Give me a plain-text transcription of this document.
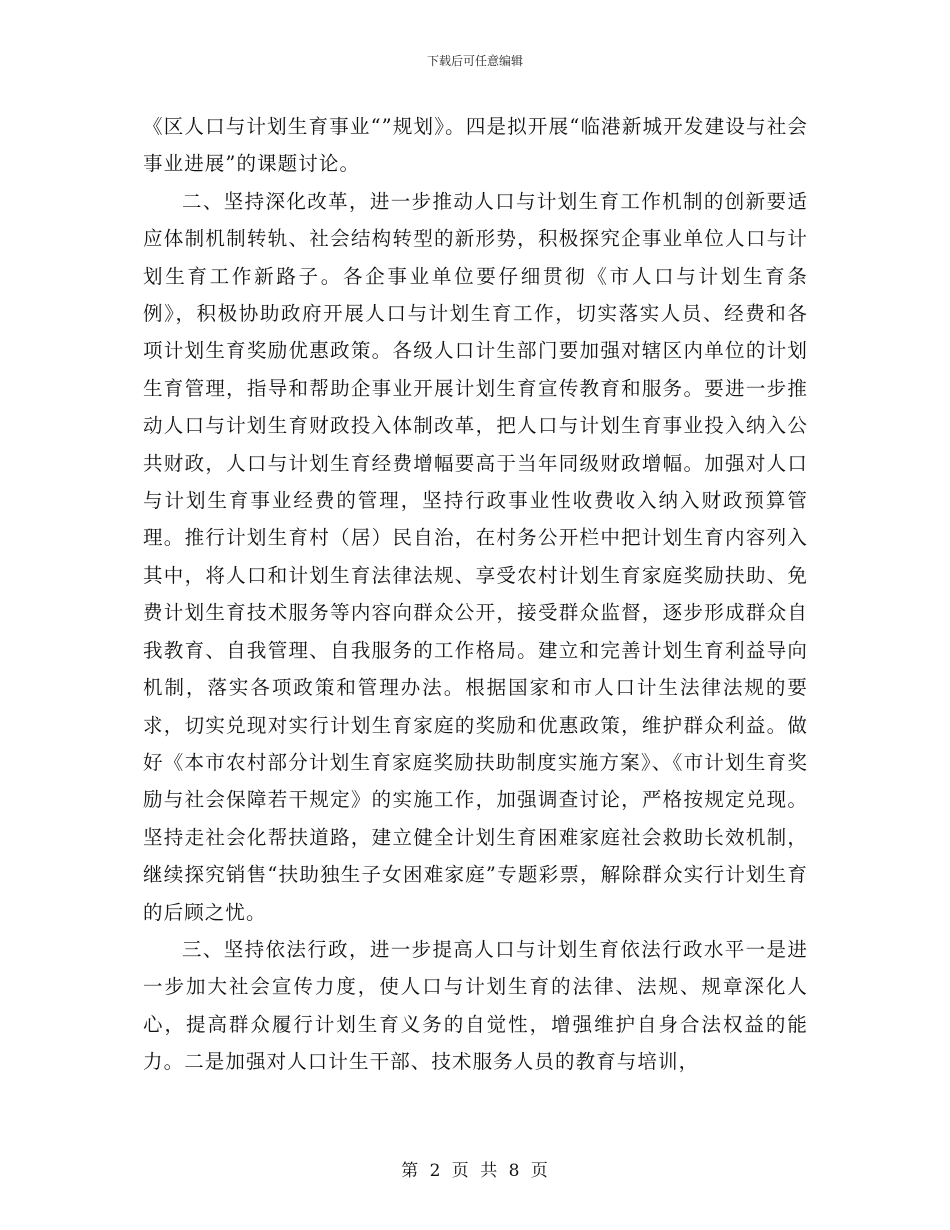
下载后可任意编辑

《区人口与计划生育事业“”规划》。四是拟开展“临港新城开发建设与社会事业进展”的课题讨论。

二、坚持深化改革，进一步推动人口与计划生育工作机制的创新要适应体制机制转轨、社会结构转型的新形势，积极探究企事业单位人口与计划生育工作新路子。各企事业单位要仔细贯彻《市人口与计划生育条例》，积极协助政府开展人口与计划生育工作，切实落实人员、经费和各项计划生育奖励优惠政策。各级人口计生部门要加强对辖区内单位的计划生育管理，指导和帮助企事业开展计划生育宣传教育和服务。要进一步推动人口与计划生育财政投入体制改革，把人口与计划生育事业投入纳入公共财政，人口与计划生育经费增幅要高于当年同级财政增幅。加强对人口与计划生育事业经费的管理，坚持行政事业性收费收入纳入财政预算管理。推行计划生育村（居）民自治，在村务公开栏中把计划生育内容列入其中，将人口和计划生育法律法规、享受农村计划生育家庭奖励扶助、免费计划生育技术服务等内容向群众公开，接受群众监督，逐步形成群众自我教育、自我管理、自我服务的工作格局。建立和完善计划生育利益导向机制，落实各项政策和管理办法。根据国家和市人口计生法律法规的要求，切实兑现对实行计划生育家庭的奖励和优惠政策，维护群众利益。做好《本市农村部分计划生育家庭奖励扶助制度实施方案》、《市计划生育奖励与社会保障若干规定》的实施工作，加强调查讨论，严格按规定兑现。坚持走社会化帮扶道路，建立健全计划生育困难家庭社会救助长效机制，继续探究销售“扶助独生子女困难家庭”专题彩票，解除群众实行计划生育的后顾之忧。

三、坚持依法行政，进一步提高人口与计划生育依法行政水平一是进一步加大社会宣传力度，使人口与计划生育的法律、法规、规章深化人心，提高群众履行计划生育义务的自觉性，增强维护自身合法权益的能力。二是加强对人口计生干部、技术服务人员的教育与培训，

第 2 页 共 8 页
